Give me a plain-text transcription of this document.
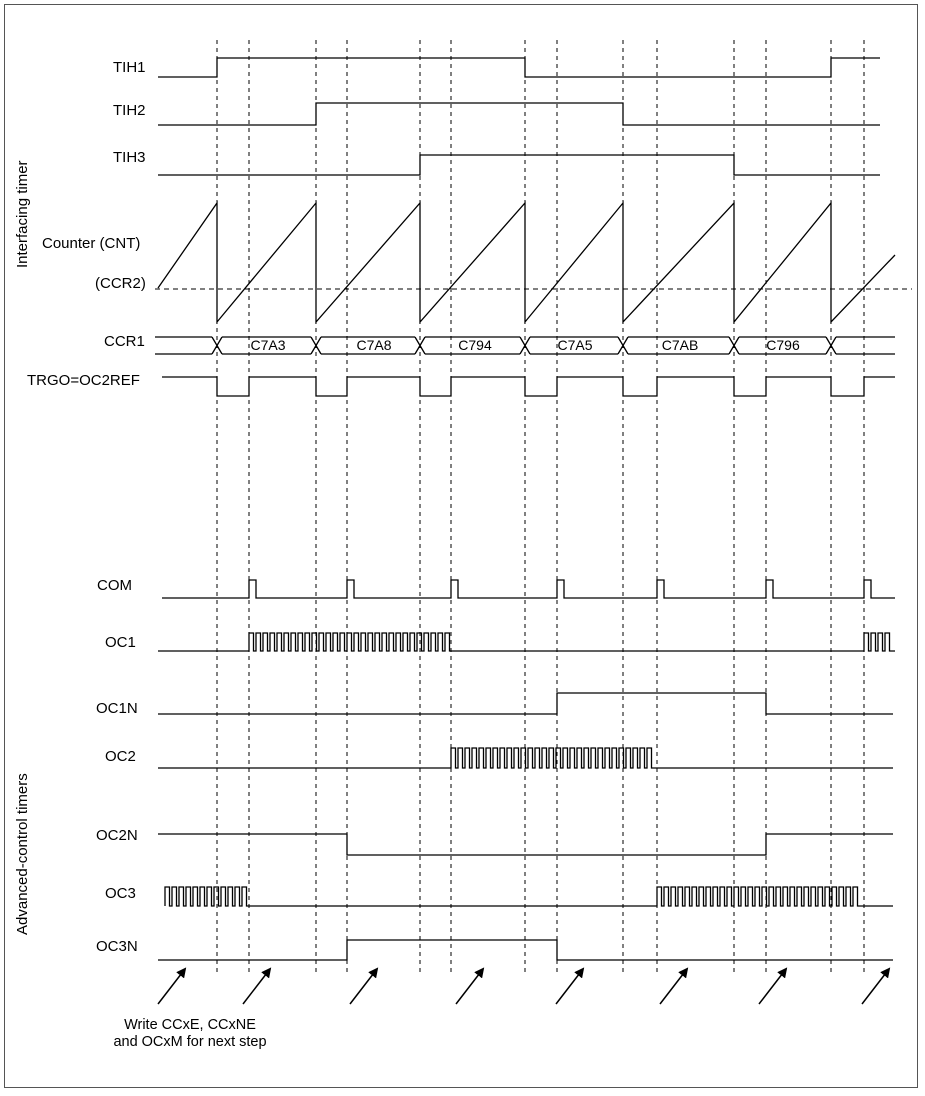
Interfacing timer
Advanced-control timers
TIH1
TIH2
TIH3
Counter (CNT)
(CCR2)
CCR1
TRGO=OC2REF
COM
OC1
OC1N
OC2
OC2N
OC3
OC3N
C7A3	C7A8	C794	C7A5	C7AB	C796
Write CCxE, CCxNE
and OCxM for next step
